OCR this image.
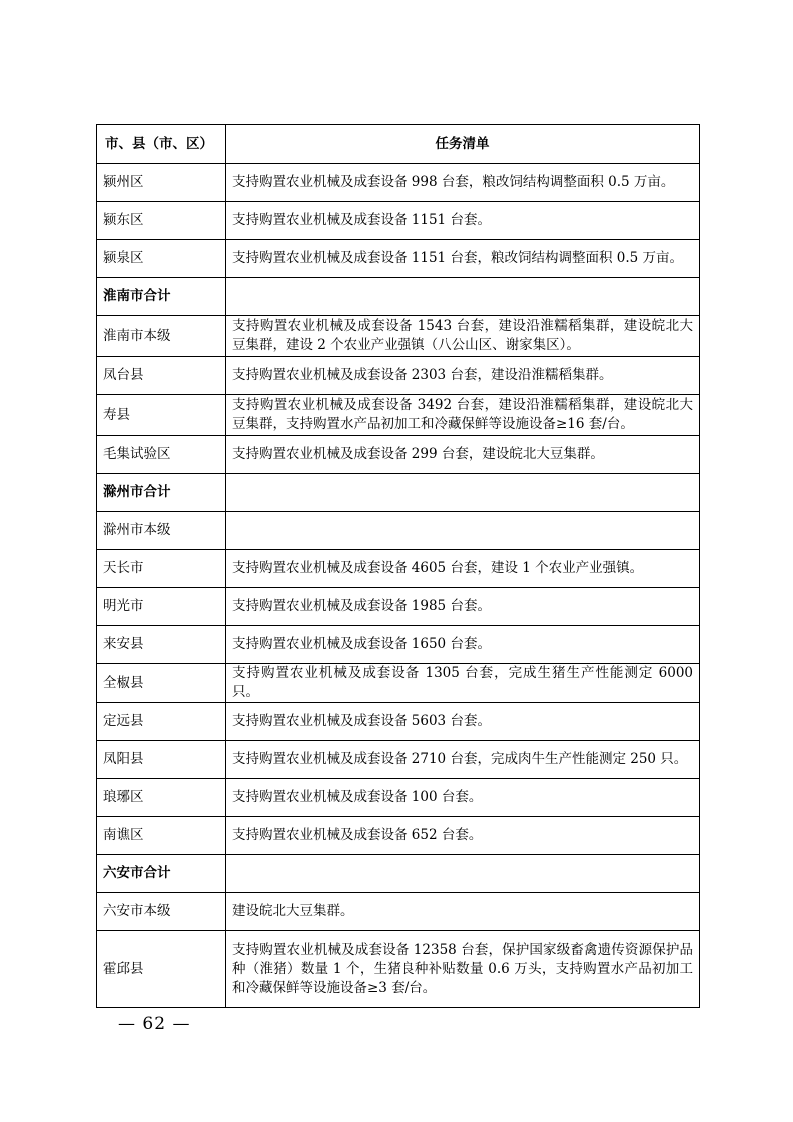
市、县（市、区）	任务清单
颍州区	支持购置农业机械及成套设备 998 台套，粮改饲结构调整面积 0.5 万亩。
颍东区	支持购置农业机械及成套设备 1151 台套。
颍泉区	支持购置农业机械及成套设备 1151 台套，粮改饲结构调整面积 0.5 万亩。
淮南市合计	
淮南市本级	支持购置农业机械及成套设备 1543 台套，建设沿淮糯稻集群，建设皖北大豆集群，建设 2 个农业产业强镇（八公山区、谢家集区）。
凤台县	支持购置农业机械及成套设备 2303 台套，建设沿淮糯稻集群。
寿县	支持购置农业机械及成套设备 3492 台套，建设沿淮糯稻集群，建设皖北大豆集群，支持购置水产品初加工和冷藏保鲜等设施设备≥16 套/台。
毛集试验区	支持购置农业机械及成套设备 299 台套，建设皖北大豆集群。
滁州市合计	
滁州市本级	
天长市	支持购置农业机械及成套设备 4605 台套，建设 1 个农业产业强镇。
明光市	支持购置农业机械及成套设备 1985 台套。
来安县	支持购置农业机械及成套设备 1650 台套。
全椒县	支持购置农业机械及成套设备 1305 台套，完成生猪生产性能测定 6000 只。
定远县	支持购置农业机械及成套设备 5603 台套。
凤阳县	支持购置农业机械及成套设备 2710 台套，完成肉牛生产性能测定 250 只。
琅琊区	支持购置农业机械及成套设备 100 台套。
南谯区	支持购置农业机械及成套设备 652 台套。
六安市合计	
六安市本级	建设皖北大豆集群。
霍邱县	支持购置农业机械及成套设备 12358 台套，保护国家级畜禽遗传资源保护品种（淮猪）数量 1 个，生猪良种补贴数量 0.6 万头，支持购置水产品初加工和冷藏保鲜等设施设备≥3 套/台。
— 62 —
